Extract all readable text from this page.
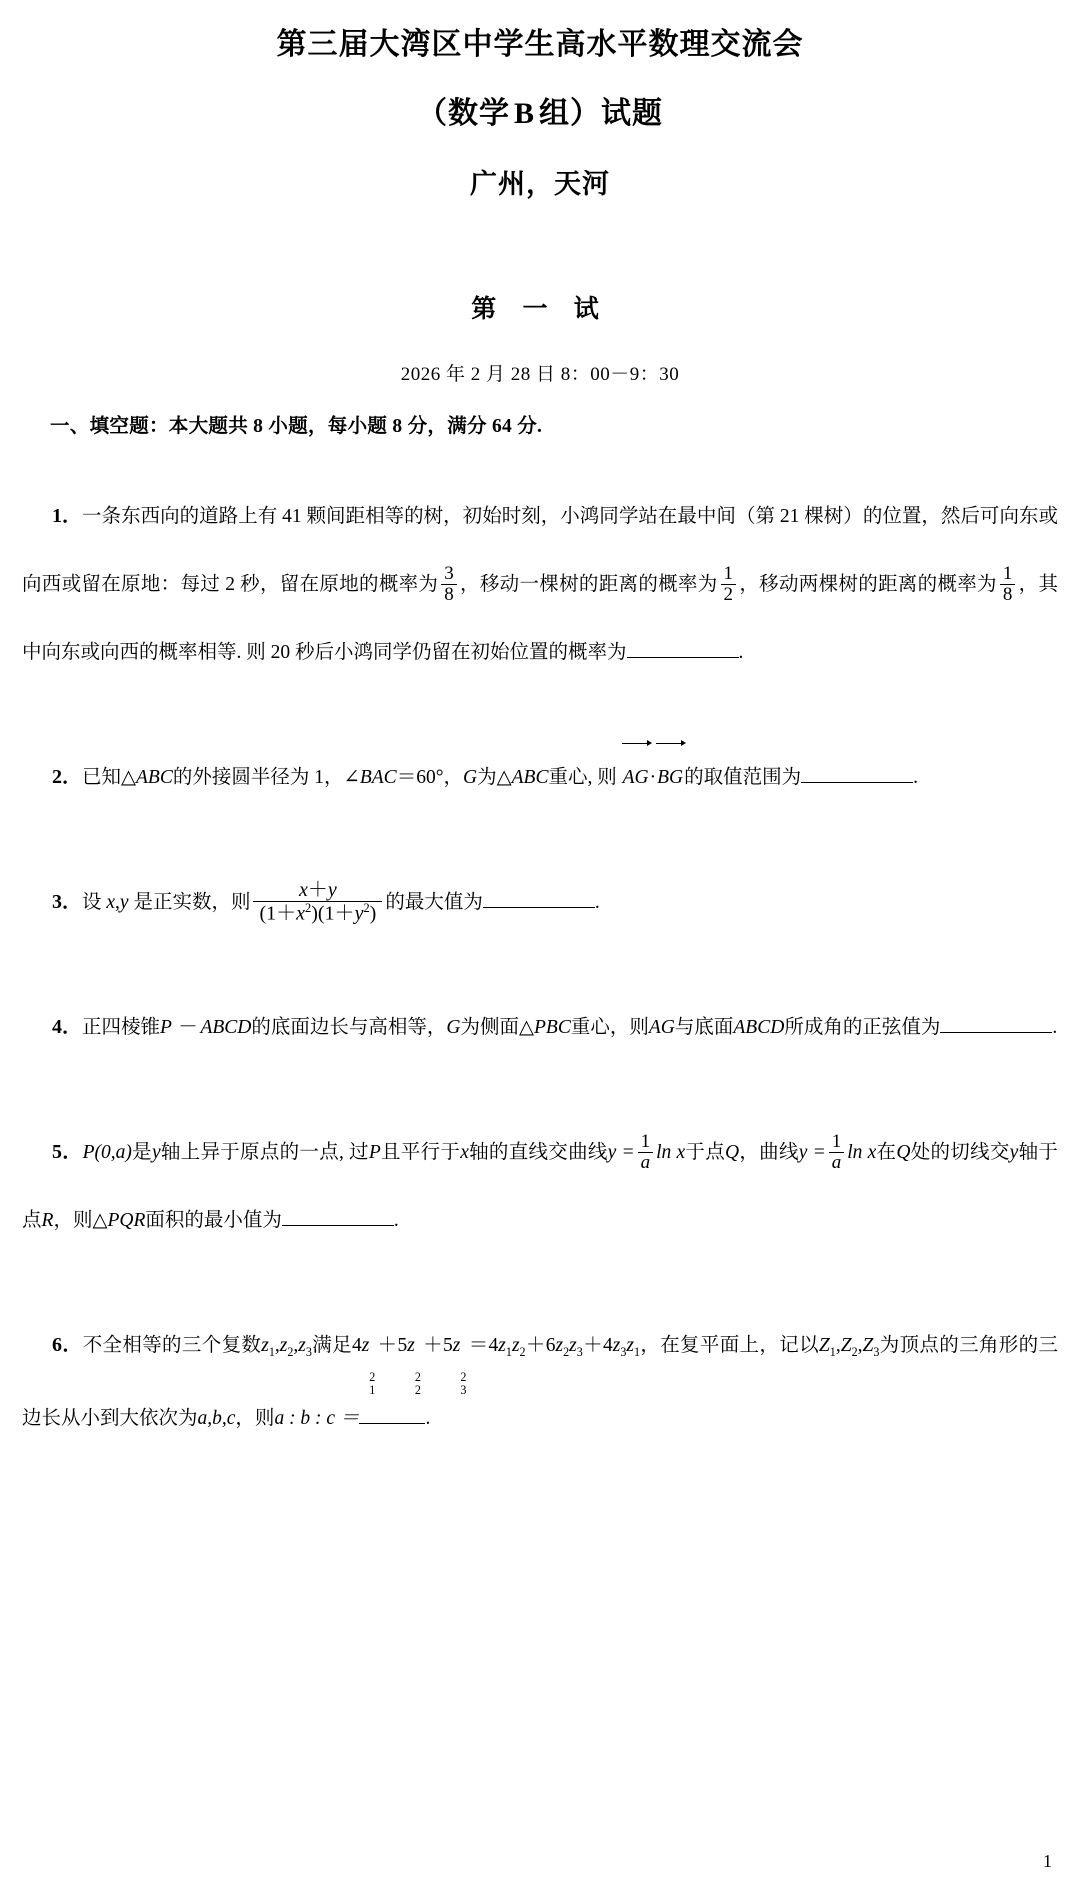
第三届大湾区中学生高水平数理交流会
（数学 B 组）试题
广州，天河
第 一 试
2026 年 2 月 28 日 8：00－9：30
一、填空题：本大题共 8 小题，每小题 8 分，满分 64 分.
1．一条东西向的道路上有 41 颗间距相等的树，初始时刻，小鸿同学站在最中间（第 21 棵树）的位置，然后可向东或向西或留在原地：每过 2 秒，留在原地的概率为 $\frac{3}{8}$ ，移动一棵树的距离的概率为 $\frac{1}{2}$ ，移动两棵树的距离的概率为 $\frac{1}{8}$ ，其中向东或向西的概率相等. 则 20 秒后小鸿同学仍留在初始位置的概率为	.
2．已知△ABC的外接圆半径为 1，∠BAC＝60°，G为△ABC重心, 则 AG·
BG的取值范围为	.
3．设 x,y 是正实数，则 $\frac{x+y}{(1+x^2)(1+y^2)}$ 的最大值为	.
4．正四棱锥P － ABCD的底面边长与高相等，G为侧面△PBC重心，则AG与底面ABCD所成角的正弦值为	.
5．P(0,a)是y轴上异于原点的一点, 过P且平行于x轴的直线交曲线$y = \frac{1}{a}$ ln x于点Q，曲线$y = \frac{1}{a}$ ln x在Q处的切线交y轴于点R，则△PQR面积的最小值为	.
6．不全相等的三个复数$z_1,z_2,z_3$满足4z
2
1
＋5z
2
2
＋5z
2
3
$=4z_1z_2+6z_2z_3+4z_3z_1$，在复平面上，记以$Z_1,Z_2,Z_3$为顶点的三角形的三边长从小到大依次为a,b,c，则a : b : c ＝	.
1
